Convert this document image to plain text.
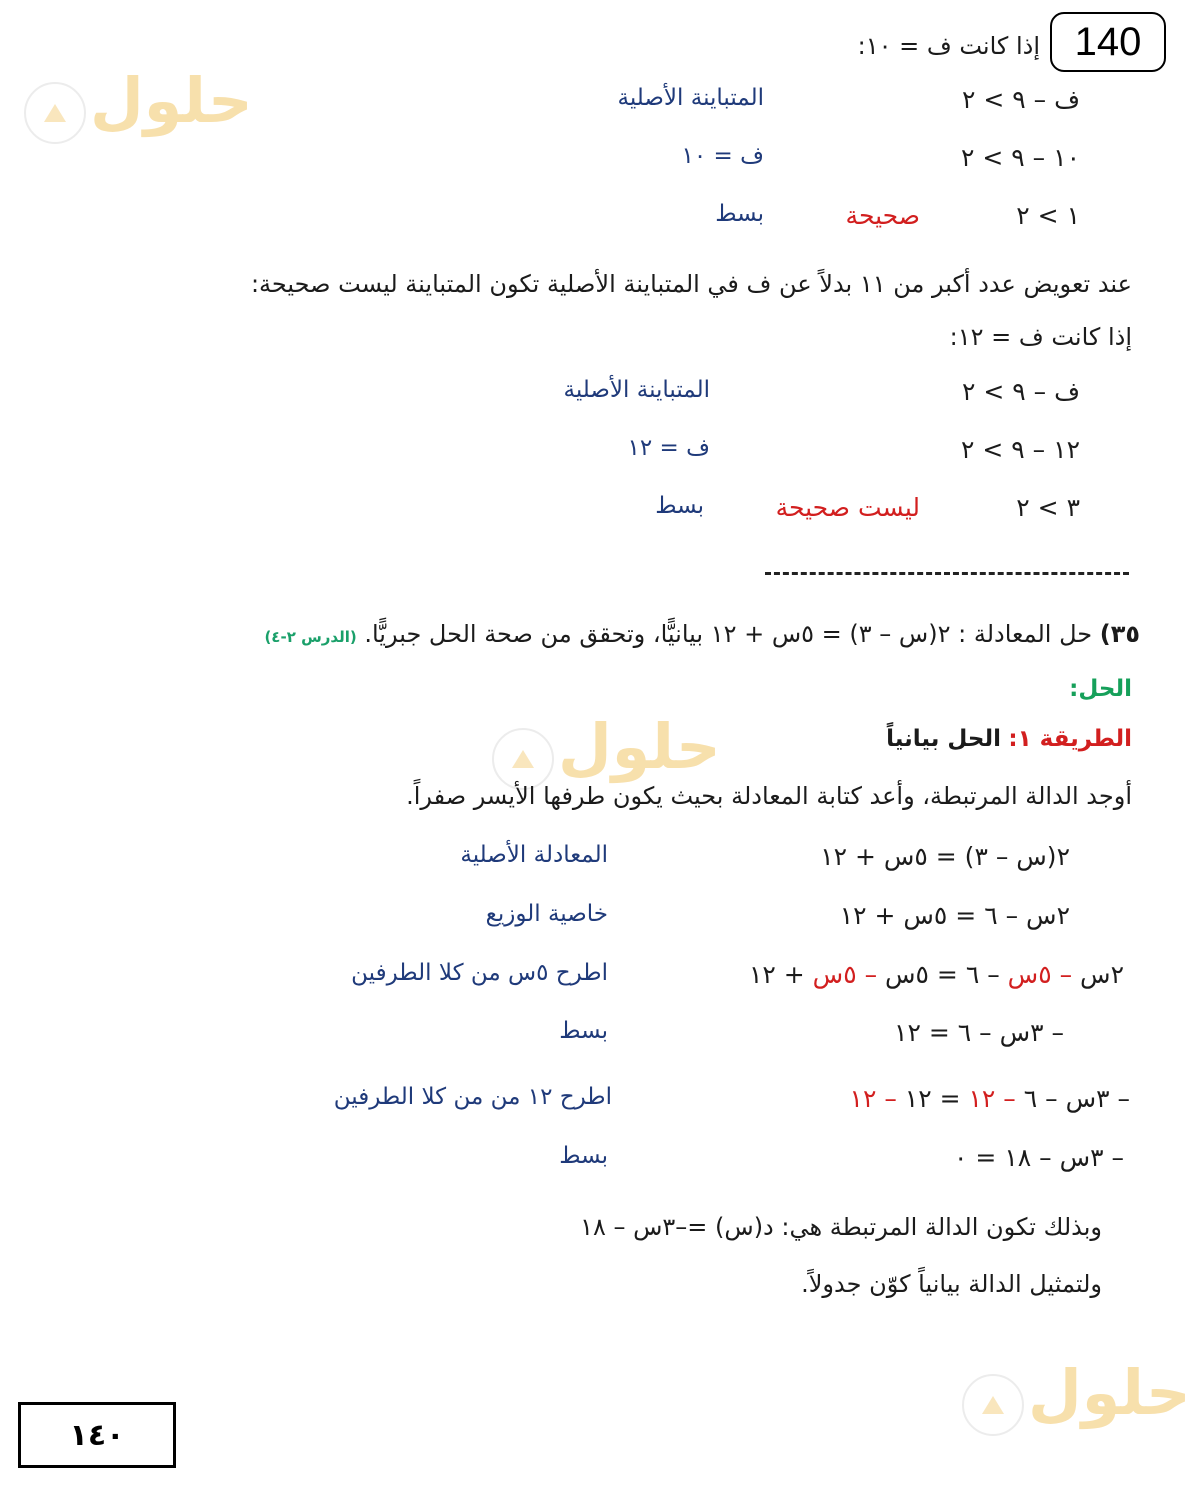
140
حلول
حلول
حلول
إذا كانت ف = ١٠:
ف – ٩ > ٢
المتباينة الأصلية
١٠ – ٩ > ٢
ف = ١٠
١ > ٢
صحيحة
بسط
عند تعويض عدد أكبر من ١١ بدلاً عن ف في المتباينة الأصلية تكون المتباينة ليست صحيحة:
إذا كانت ف = ١٢:
ف – ٩ > ٢
المتباينة الأصلية
١٢ – ٩ > ٢
ف = ١٢
٣ > ٢
ليست صحيحة
بسط
٣٥) حل المعادلة : ٢(س – ٣) = ٥س + ١٢ بيانيًّا، وتحقق من صحة الحل جبريًّا. (الدرس ٢-٤)
الحل:
الطريقة ١: الحل بيانياً
أوجد الدالة المرتبطة، وأعد كتابة المعادلة بحيث يكون طرفها الأيسر صفراً.
٢(س – ٣) = ٥س + ١٢
المعادلة الأصلية
٢س – ٦ = ٥س + ١٢
خاصية الوزيع
٢س – ٥س – ٦ = ٥س – ٥س + ١٢
اطرح ٥س من كلا الطرفين
– ٣س – ٦ = ١٢
بسط
– ٣س – ٦ – ١٢ = ١٢ – ١٢
اطرح ١٢ من من كلا الطرفين
– ٣س – ١٨ = ٠
بسط
وبذلك تكون الدالة المرتبطة هي: د(س) =–٣س – ١٨
ولتمثيل الدالة بيانياً كوّن جدولاً.
١٤٠
